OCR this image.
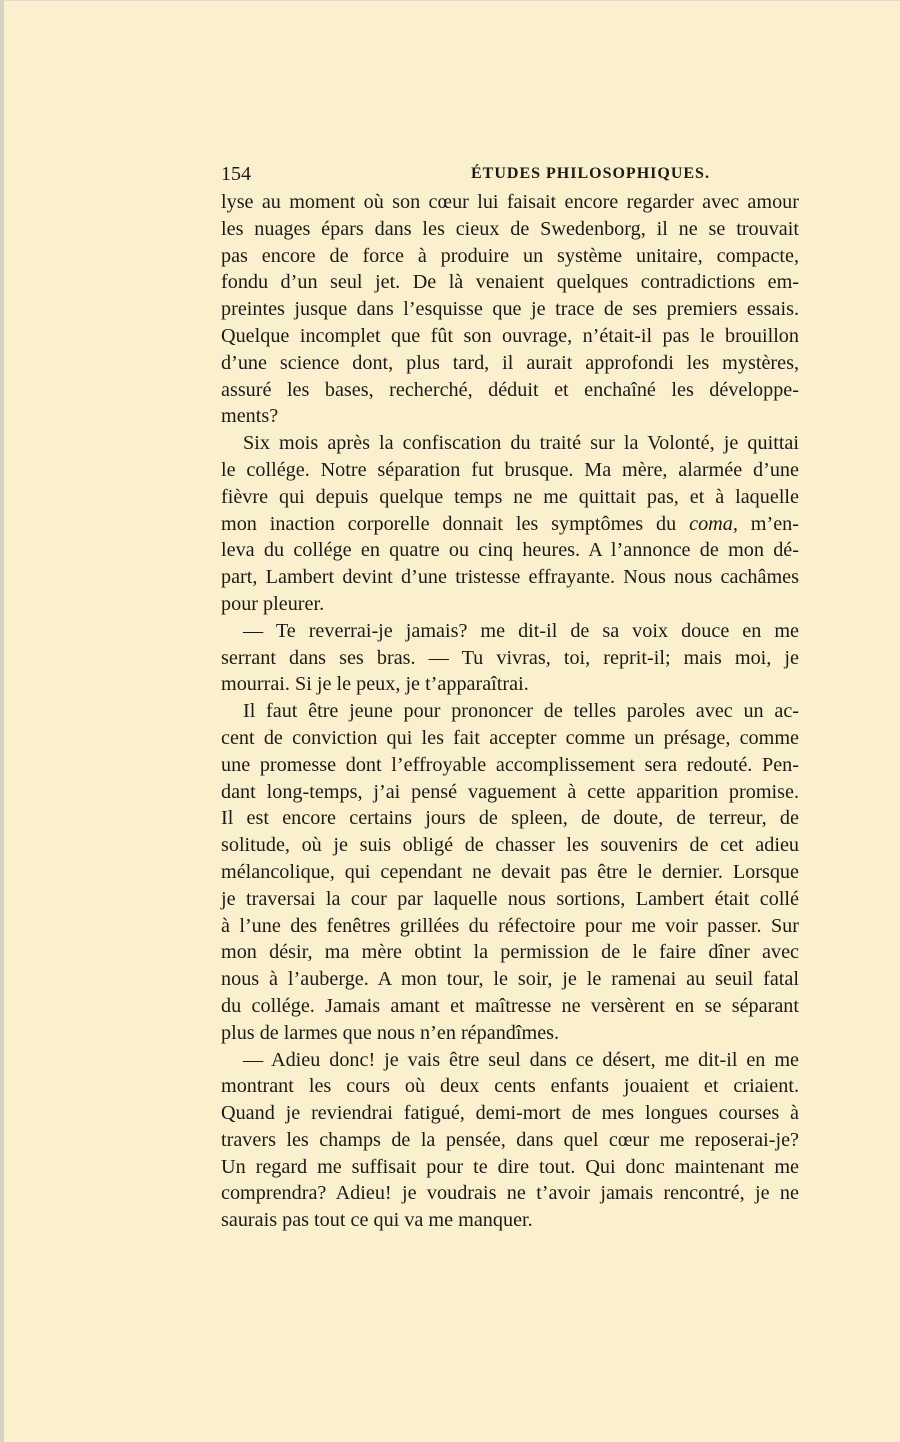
154	ÉTUDES PHILOSOPHIQUES.
lyse au moment où son cœur lui faisait encore regarder avec amour
les nuages épars dans les cieux de Swedenborg, il ne se trouvait
pas encore de force à produire un système unitaire, compacte,
fondu d’un seul jet. De là venaient quelques contradictions em-
preintes jusque dans l’esquisse que je trace de ses premiers essais.
Quelque incomplet que fût son ouvrage, n’était-il pas le brouillon
d’une science dont, plus tard, il aurait approfondi les mystères,
assuré les bases, recherché, déduit et enchaîné les développe-
ments?
Six mois après la confiscation du traité sur la Volonté, je quittai
le collége. Notre séparation fut brusque. Ma mère, alarmée d’une
fièvre qui depuis quelque temps ne me quittait pas, et à laquelle
mon inaction corporelle donnait les symptômes du coma, m’en-
leva du collége en quatre ou cinq heures. A l’annonce de mon dé-
part, Lambert devint d’une tristesse effrayante. Nous nous cachâmes
pour pleurer.
— Te reverrai-je jamais? me dit-il de sa voix douce en me
serrant dans ses bras. — Tu vivras, toi, reprit-il; mais moi, je
mourrai. Si je le peux, je t’apparaîtrai.
Il faut être jeune pour prononcer de telles paroles avec un ac-
cent de conviction qui les fait accepter comme un présage, comme
une promesse dont l’effroyable accomplissement sera redouté. Pen-
dant long-temps, j’ai pensé vaguement à cette apparition promise.
Il est encore certains jours de spleen, de doute, de terreur, de
solitude, où je suis obligé de chasser les souvenirs de cet adieu
mélancolique, qui cependant ne devait pas être le dernier. Lorsque
je traversai la cour par laquelle nous sortions, Lambert était collé
à l’une des fenêtres grillées du réfectoire pour me voir passer. Sur
mon désir, ma mère obtint la permission de le faire dîner avec
nous à l’auberge. A mon tour, le soir, je le ramenai au seuil fatal
du collége. Jamais amant et maîtresse ne versèrent en se séparant
plus de larmes que nous n’en répandîmes.
— Adieu donc! je vais être seul dans ce désert, me dit-il en me
montrant les cours où deux cents enfants jouaient et criaient.
Quand je reviendrai fatigué, demi-mort de mes longues courses à
travers les champs de la pensée, dans quel cœur me reposerai-je?
Un regard me suffisait pour te dire tout. Qui donc maintenant me
comprendra? Adieu! je voudrais ne t’avoir jamais rencontré, je ne
saurais pas tout ce qui va me manquer.
